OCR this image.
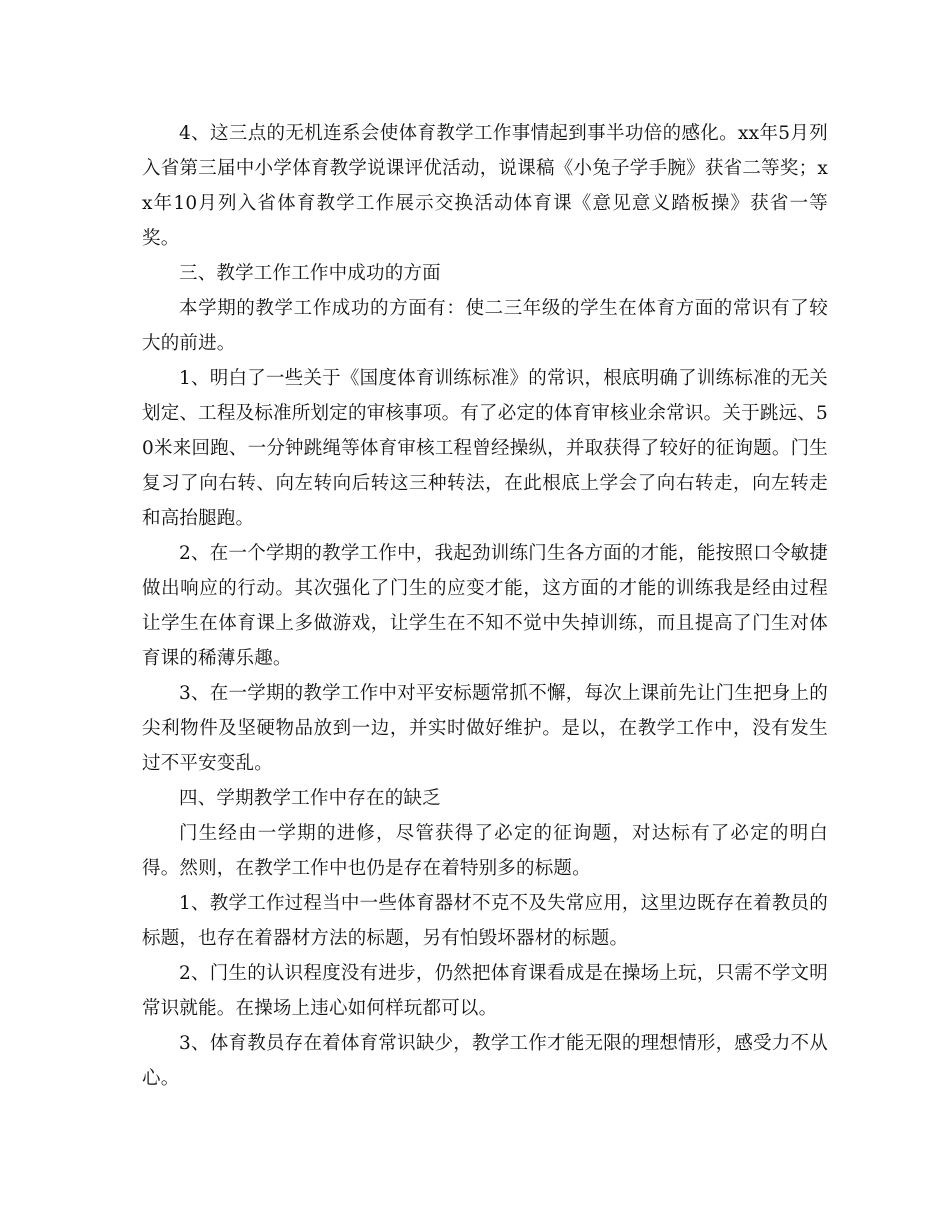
4、这三点的无机连系会使体育教学工作事情起到事半功倍的感化。xx年5月列入省第三届中小学体育教学说课评优活动，说课稿《小兔子学手腕》获省二等奖；xx年10月列入省体育教学工作展示交换活动体育课《意见意义踏板操》获省一等奖。

三、教学工作工作中成功的方面

本学期的教学工作成功的方面有：使二三年级的学生在体育方面的常识有了较大的前进。

1、明白了一些关于《国度体育训练标准》的常识，根底明确了训练标准的无关划定、工程及标准所划定的审核事项。有了必定的体育审核业余常识。关于跳远、50米来回跑、一分钟跳绳等体育审核工程曾经操纵，并取获得了较好的征询题。门生复习了向右转、向左转向后转这三种转法，在此根底上学会了向右转走，向左转走和高抬腿跑。

2、在一个学期的教学工作中，我起劲训练门生各方面的才能，能按照口令敏捷做出响应的行动。其次强化了门生的应变才能，这方面的才能的训练我是经由过程让学生在体育课上多做游戏，让学生在不知不觉中失掉训练，而且提高了门生对体育课的稀薄乐趣。

3、在一学期的教学工作中对平安标题常抓不懈，每次上课前先让门生把身上的尖利物件及坚硬物品放到一边，并实时做好维护。是以，在教学工作中，没有发生过不平安变乱。

四、学期教学工作中存在的缺乏

门生经由一学期的进修，尽管获得了必定的征询题，对达标有了必定的明白得。然则，在教学工作中也仍是存在着特别多的标题。

1、教学工作过程当中一些体育器材不克不及失常应用，这里边既存在着教员的标题，也存在着器材方法的标题，另有怕毁坏器材的标题。

2、门生的认识程度没有进步，仍然把体育课看成是在操场上玩，只需不学文明常识就能。在操场上违心如何样玩都可以。

3、体育教员存在着体育常识缺少，教学工作才能无限的理想情形，感受力不从心。
